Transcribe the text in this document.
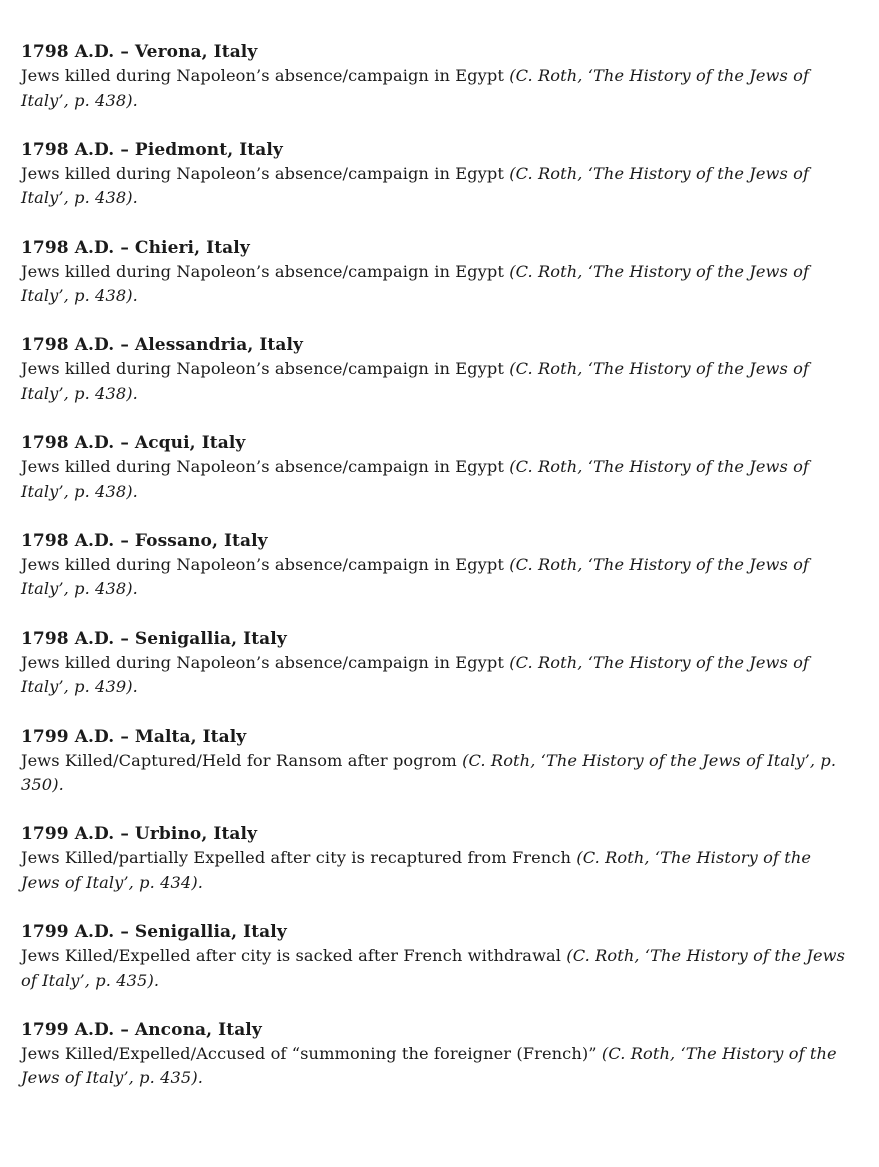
1798 A.D. – Verona, Italy
Jews killed during Napoleon’s absence/campaign in Egypt (C. Roth, ‘The History of the Jews of Italy’, p. 438).
1798 A.D. – Piedmont, Italy
Jews killed during Napoleon’s absence/campaign in Egypt (C. Roth, ‘The History of the Jews of Italy’, p. 438).
1798 A.D. – Chieri, Italy
Jews killed during Napoleon’s absence/campaign in Egypt (C. Roth, ‘The History of the Jews of Italy’, p. 438).
1798 A.D. – Alessandria, Italy
Jews killed during Napoleon’s absence/campaign in Egypt (C. Roth, ‘The History of the Jews of Italy’, p. 438).
1798 A.D. – Acqui, Italy
Jews killed during Napoleon’s absence/campaign in Egypt (C. Roth, ‘The History of the Jews of Italy’, p. 438).
1798 A.D. – Fossano, Italy
Jews killed during Napoleon’s absence/campaign in Egypt (C. Roth, ‘The History of the Jews of Italy’, p. 438).
1798 A.D. – Senigallia, Italy
Jews killed during Napoleon’s absence/campaign in Egypt (C. Roth, ‘The History of the Jews of Italy’, p. 439).
1799 A.D. – Malta, Italy
Jews Killed/Captured/Held for Ransom after pogrom (C. Roth, ‘The History of the Jews of Italy’, p. 350).
1799 A.D. – Urbino, Italy
Jews Killed/partially Expelled after city is recaptured from French (C. Roth, ‘The History of the Jews of Italy’, p. 434).
1799 A.D. – Senigallia, Italy
Jews Killed/Expelled after city is sacked after French withdrawal (C. Roth, ‘The History of the Jews of Italy’, p. 435).
1799 A.D. – Ancona, Italy
Jews Killed/Expelled/Accused of “summoning the foreigner (French)” (C. Roth, ‘The History of the Jews of Italy’, p. 435).
